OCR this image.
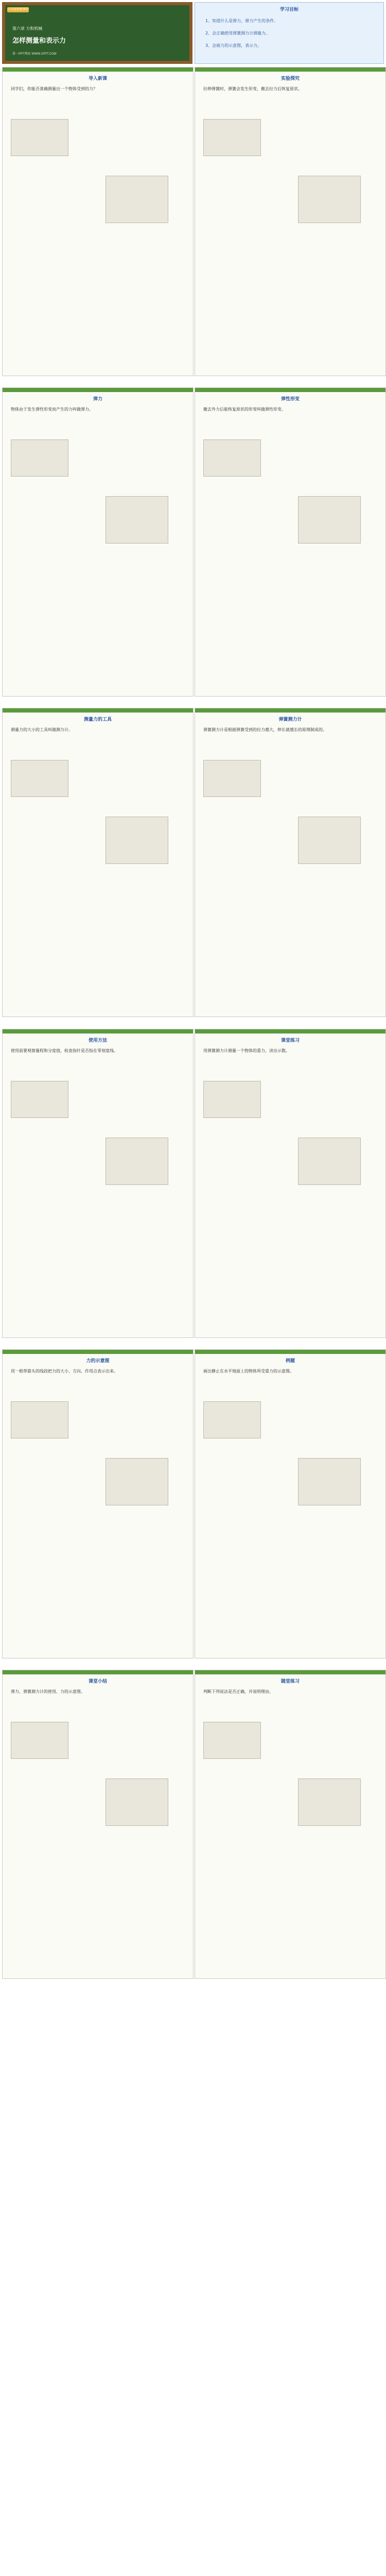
九年级物理课件
第六章 力和机械
怎样测量和表示力
第一PPT网站 WWW.1PPT.COM
学习目标
1、知道什么是弹力，弹力产生的条件。
2、会正确使用弹簧测力计测量力。
3、会画力的示意图，表示力。
导入新课
同学们，你能否准确测量出一个物体受到的力？
实验探究
拉伸弹簧时，弹簧会发生形变，撤去拉力后恢复原状。
弹力
物体由于发生弹性形变而产生的力叫做弹力。
弹性形变
撤去外力后能恢复原状的形变叫做弹性形变。
测量力的工具
测量力的大小的工具叫做测力计。
弹簧测力计
弹簧测力计是根据弹簧受到的拉力越大，伸长就越长的原理制成的。
使用方法
使用前要观察量程和分度值，检查指针是否指在零刻度线。
课堂练习
用弹簧测力计测量一个物体的重力，读出示数。
力的示意图
用一根带箭头的线段把力的大小、方向、作用点表示出来。
例题
画出静止在水平地面上的物体所受重力的示意图。
课堂小结
弹力、弹簧测力计的使用、力的示意图。
随堂练习
判断下列说法是否正确，并说明理由。
